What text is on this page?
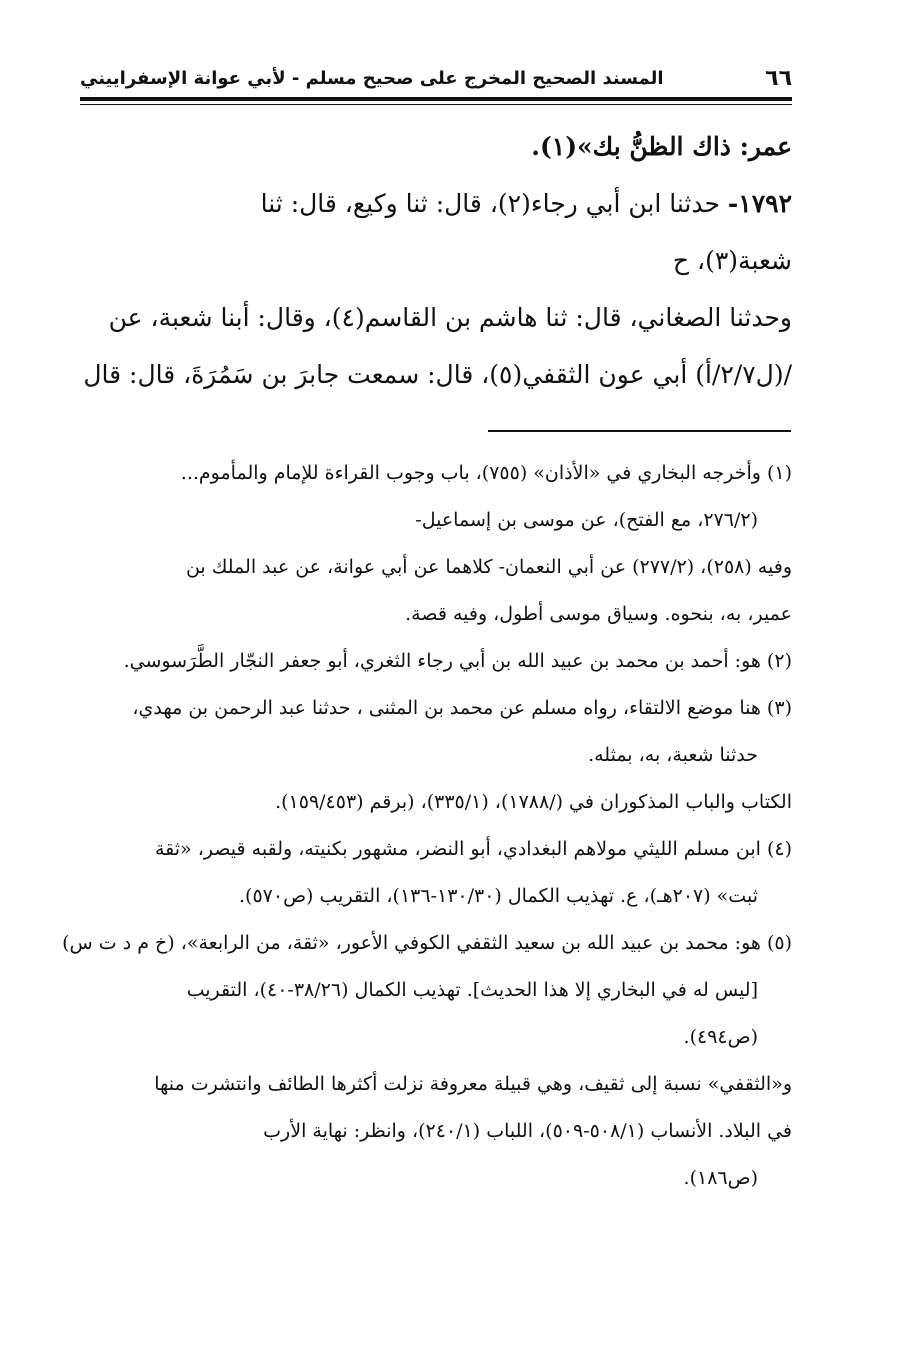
٦٦
المسند الصحيح المخرج على صحيح مسلم - لأبي عوانة الإسفراييني
عمر: ذاك الظنُّ بك»(١).
١٧٩٢- حدثنا ابن أبي رجاء(٢)، قال: ثنا وكيع، قال: ثنا
شعبة(٣)، ح
وحدثنا الصغاني، قال: ثنا هاشم بن القاسم(٤)، وقال: أبنا شعبة، عن
/(ل٢/٧/أ) أبي عون الثقفي(٥)، قال: سمعت جابرَ بن سَمُرَةَ، قال: قال
(١) وأخرجه البخاري في «الأذان» (٧٥٥)، باب وجوب القراءة للإمام والمأموم...
(٢٧٦/٢، مع الفتح)، عن موسى بن إسماعيل-
وفيه (٢٥٨)، (٢٧٧/٢) عن أبي النعمان- كلاهما عن أبي عوانة، عن عبد الملك بن
عمير، به، بنحوه. وسياق موسى أطول، وفيه قصة.
(٢) هو: أحمد بن محمد بن عبيد الله بن أبي رجاء الثغري، أبو جعفر النجّار الطَّرَسوسي.
(٣) هنا موضع الالتقاء، رواه مسلم عن محمد بن المثنى ، حدثنا عبد الرحمن بن مهدي،
حدثنا شعبة، به، بمثله.
الكتاب والباب المذكوران في (/١٧٨٨)، (٣٣٥/١)، (برقم (١٥٩/٤٥٣).
(٤) ابن مسلم الليثي مولاهم البغدادي، أبو النضر، مشهور بكنيته، ولقبه قيصر، «ثقة
ثبت» (٢٠٧هـ)، ع. تهذيب الكمال (١٣٠/٣٠-١٣٦)، التقريب (ص٥٧٠).
(٥) هو: محمد بن عبيد الله بن سعيد الثقفي الكوفي الأعور، «ثقة، من الرابعة»، (خ م د ت س)
[ليس له في البخاري إلا هذا الحديث]. تهذيب الكمال (٣٨/٢٦-٤٠)، التقريب
(ص٤٩٤).
و«الثقفي» نسبة إلى ثقيف، وهي قبيلة معروفة نزلت أكثرها الطائف وانتشرت منها
في البلاد. الأنساب (٥٠٨/١-٥٠٩)، اللباب (٢٤٠/١)، وانظر: نهاية الأرب
(ص١٨٦).
